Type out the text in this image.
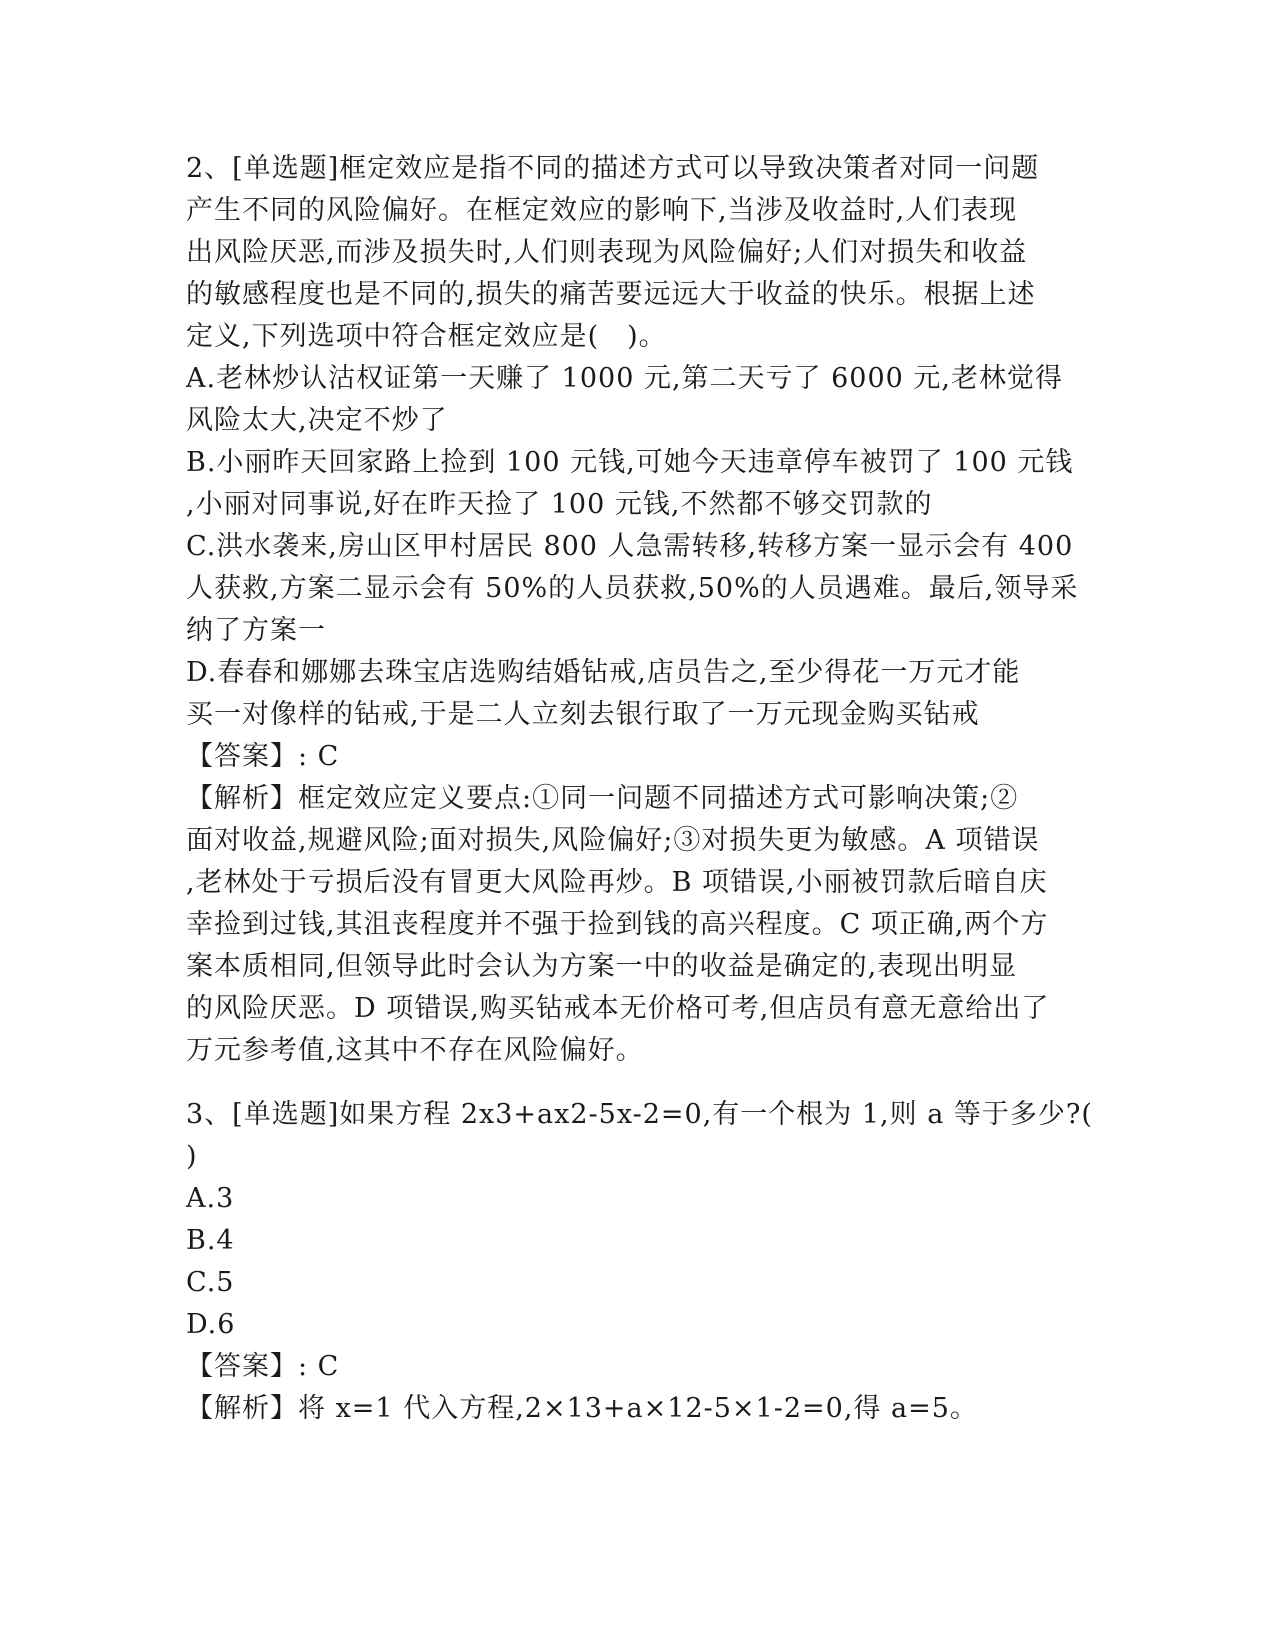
2、[单选题]框定效应是指不同的描述方式可以导致决策者对同一问题
产生不同的风险偏好。在框定效应的影响下,当涉及收益时,人们表现
出风险厌恶,而涉及损失时,人们则表现为风险偏好;人们对损失和收益
的敏感程度也是不同的,损失的痛苦要远远大于收益的快乐。根据上述
定义,下列选项中符合框定效应是(　)。
A.老林炒认沽权证第一天赚了 1000 元,第二天亏了 6000 元,老林觉得
风险太大,决定不炒了
B.小丽昨天回家路上捡到 100 元钱,可她今天违章停车被罚了 100 元钱
,小丽对同事说,好在昨天捡了 100 元钱,不然都不够交罚款的
C.洪水袭来,房山区甲村居民 800 人急需转移,转移方案一显示会有 400
人获救,方案二显示会有 50%的人员获救,50%的人员遇难。最后,领导采
纳了方案一
D.春春和娜娜去珠宝店选购结婚钻戒,店员告之,至少得花一万元才能
买一对像样的钻戒,于是二人立刻去银行取了一万元现金购买钻戒
【答案】: C
【解析】框定效应定义要点:①同一问题不同描述方式可影响决策;②
面对收益,规避风险;面对损失,风险偏好;③对损失更为敏感。A 项错误
,老林处于亏损后没有冒更大风险再炒。B 项错误,小丽被罚款后暗自庆
幸捡到过钱,其沮丧程度并不强于捡到钱的高兴程度。C 项正确,两个方
案本质相同,但领导此时会认为方案一中的收益是确定的,表现出明显
的风险厌恶。D 项错误,购买钻戒本无价格可考,但店员有意无意给出了
万元参考值,这其中不存在风险偏好。
3、[单选题]如果方程 2x3+ax2-5x-2=0,有一个根为 1,则 a 等于多少?(
)
A.3
B.4
C.5
D.6
【答案】: C
【解析】将 x=1 代入方程,2×13+a×12-5×1-2=0,得 a=5。
